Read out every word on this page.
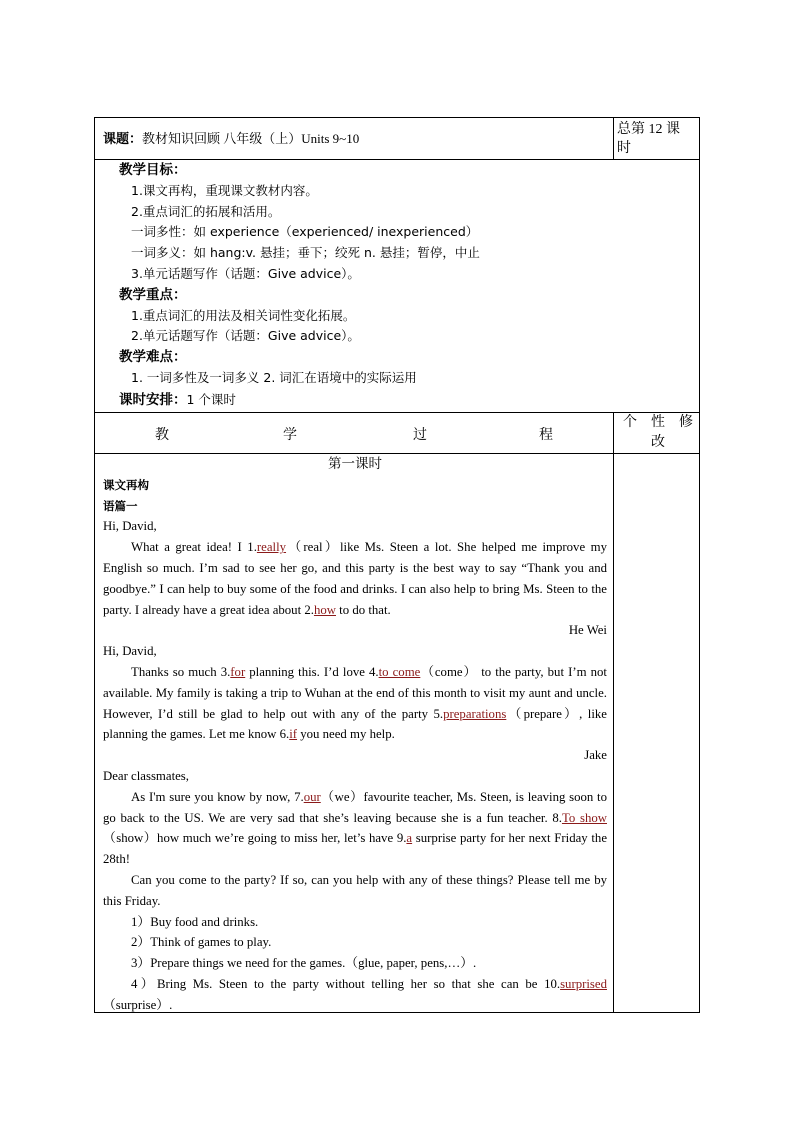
课题：教材知识回顾 八年级（上）Units 9~10
总第 12 课
时
教学目标：
1.课文再构，重现课文教材内容。
2.重点词汇的拓展和活用。
一词多性：如 experience（experienced/ inexperienced）
一词多义：如 hang:v. 悬挂；垂下；绞死 n. 悬挂；暂停，中止
3.单元话题写作（话题：Give advice）。
教学重点：
1.重点词汇的用法及相关词性变化拓展。
2.单元话题写作（话题：Give advice）。
教学难点：
1. 一词多性及一词多义 2. 词汇在语境中的实际运用
课时安排：1 个课时
教	学	过	程
个 性 修
改
第一课时
课文再构
语篇一

Hi, David,

What a great idea! I 1.really（real）like Ms. Steen a lot. She helped me improve my English so much. I’m sad to see her go, and this party is the best way to say “Thank you and goodbye.” I can help to buy some of the food and drinks. I can also help to bring Ms. Steen to the party. I already have a great idea about 2.how to do that.

He Wei

Hi, David,

Thanks so much 3.for planning this. I’d love 4.to come（come） to the party, but I’m not available. My family is taking a trip to Wuhan at the end of this month to visit my aunt and uncle. However, I’d still be glad to help out with any of the party 5.preparations（prepare）, like planning the games. Let me know 6.if you need my help.

Jake

Dear classmates,

As I'm sure you know by now, 7.our（we）favourite teacher, Ms. Steen, is leaving soon to go back to the US. We are very sad that she’s leaving because she is a fun teacher. 8.To show（show）how much we’re going to miss her, let’s have 9.a surprise party for her next Friday the 28th!

Can you come to the party? If so, can you help with any of these things? Please tell me by this Friday.

1）Buy food and drinks.

2）Think of games to play.

3）Prepare things we need for the games.（glue, paper, pens,…）.

4）Bring Ms. Steen to the party without telling her so that she can be 10.surprised（surprise）.
